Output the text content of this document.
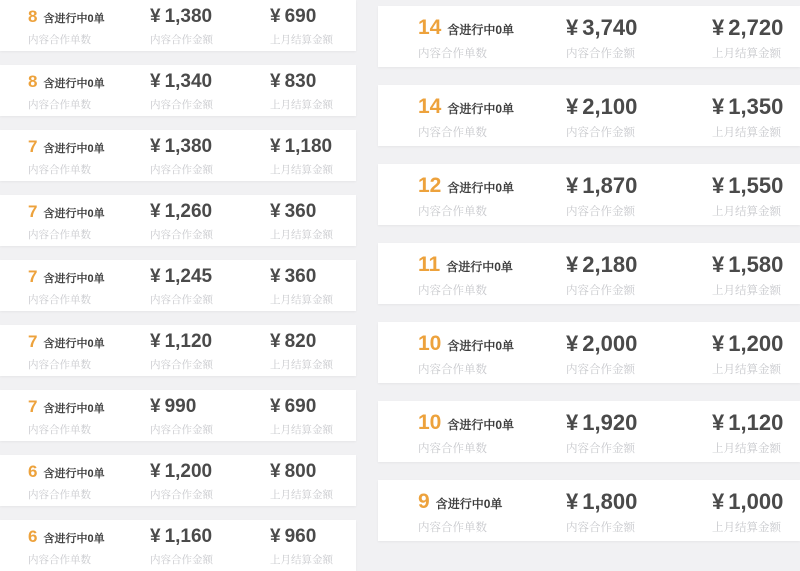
8 含进行中0单
内容合作单数
¥ 1,380
内容合作金额
¥ 690
上月结算金额
8 含进行中0单
内容合作单数
¥ 1,340
内容合作金额
¥ 830
上月结算金额
7 含进行中0单
内容合作单数
¥ 1,380
内容合作金额
¥ 1,180
上月结算金额
7 含进行中0单
内容合作单数
¥ 1,260
内容合作金额
¥ 360
上月结算金额
7 含进行中0单
内容合作单数
¥ 1,245
内容合作金额
¥ 360
上月结算金额
7 含进行中0单
内容合作单数
¥ 1,120
内容合作金额
¥ 820
上月结算金额
7 含进行中0单
内容合作单数
¥ 990
内容合作金额
¥ 690
上月结算金额
6 含进行中0单
内容合作单数
¥ 1,200
内容合作金额
¥ 800
上月结算金额
6 含进行中0单
内容合作单数
¥ 1,160
内容合作金额
¥ 960
上月结算金额
14 含进行中0单
内容合作单数
¥ 3,740
内容合作金额
¥ 2,720
上月结算金额
14 含进行中0单
内容合作单数
¥ 2,100
内容合作金额
¥ 1,350
上月结算金额
12 含进行中0单
内容合作单数
¥ 1,870
内容合作金额
¥ 1,550
上月结算金额
11 含进行中0单
内容合作单数
¥ 2,180
内容合作金额
¥ 1,580
上月结算金额
10 含进行中0单
内容合作单数
¥ 2,000
内容合作金额
¥ 1,200
上月结算金额
10 含进行中0单
内容合作单数
¥ 1,920
内容合作金额
¥ 1,120
上月结算金额
9 含进行中0单
内容合作单数
¥ 1,800
内容合作金额
¥ 1,000
上月结算金额
